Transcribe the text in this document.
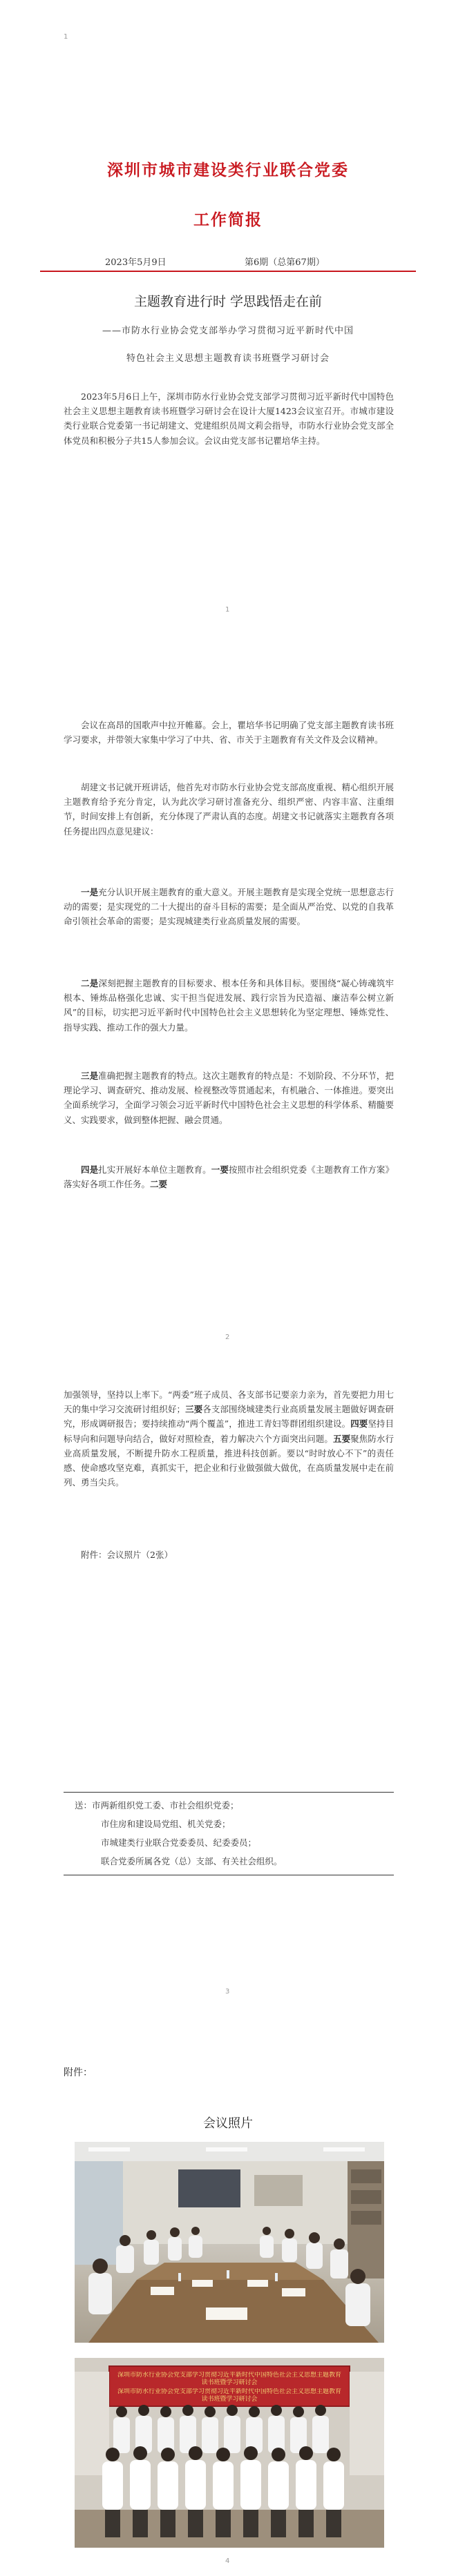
1
1
2
3
4
深圳市城市建设类行业联合党委
工作简报
2023年5月9日	第6期（总第67期）
主题教育进行时 学思践悟走在前
——市防水行业协会党支部举办学习贯彻习近平新时代中国
特色社会主义思想主题教育读书班暨学习研讨会

2023年5月6日上午，深圳市防水行业协会党支部学习贯彻习近平新时代中国特色社会主义思想主题教育读书班暨学习研讨会在设计大厦1423会议室召开。市城市建设类行业联合党委第一书记胡建文、党建组织员周文莉会指导，市防水行业协会党支部全体党员和积极分子共15人参加会议。会议由党支部书记瞿培华主持。

会议在高昂的国歌声中拉开帷幕。会上，瞿培华书记明确了党支部主题教育读书班学习要求，并带领大家集中学习了中共、省、市关于主题教育有关文件及会议精神。

胡建文书记就开班讲话，他首先对市防水行业协会党支部高度重视、精心组织开展主题教育给予充分肯定，认为此次学习研讨准备充分、组织严密、内容丰富、注重细节，时间安排上有创新，充分体现了严肃认真的态度。胡建文书记就落实主题教育各项任务提出四点意见建议：

一是充分认识开展主题教育的重大意义。开展主题教育是实现全党统一思想意志行动的需要；是实现党的二十大提出的奋斗目标的需要；是全面从严治党、以党的自我革命引领社会革命的需要；是实现城建类行业高质量发展的需要。

二是深刻把握主题教育的目标要求、根本任务和具体目标。要围绕“凝心铸魂筑牢根本、锤炼品格强化忠诚、实干担当促进发展、践行宗旨为民造福、廉洁奉公树立新风”的目标，切实把习近平新时代中国特色社会主义思想转化为坚定理想、锤炼党性、指导实践、推动工作的强大力量。

三是准确把握主题教育的特点。这次主题教育的特点是：不划阶段、不分环节，把理论学习、调查研究、推动发展、检视整改等贯通起来，有机融合、一体推进。要突出全面系统学习，全面学习领会习近平新时代中国特色社会主义思想的科学体系、精髓要义、实践要求，做到整体把握、融会贯通。

四是扎实开展好本单位主题教育。一要按照市社会组织党委《主题教育工作方案》落实好各项工作任务。二要

加强领导，坚持以上率下。“两委”班子成员、各支部书记要亲力亲为，首先要把力用七天的集中学习交流研讨组织好；三要各支部围绕城建类行业高质量发展主题做好调查研究，形成调研报告；要持续推动“两个覆盖”，推进工青妇等群团组织建设。四要坚持目标导向和问题导向结合，做好对照检查，着力解决六个方面突出问题。五要聚焦防水行业高质量发展，不断提升防水工程质量，推进科技创新。要以“时时放心不下”的责任感、使命感攻坚克难，真抓实干，把企业和行业做强做大做优，在高质量发展中走在前列、勇当尖兵。

附件：会议照片（2张）

送：市两新组织党工委、市社会组织党委；
市住房和建设局党组、机关党委；
市城建类行业联合党委委员、纪委委员；
联合党委所属各党（总）支部、有关社会组织。
附件：
会议照片
深圳市防水行业协会党支部学习贯彻习近平新时代中国特色社会主义思想主题教育读书班暨学习研讨会
深圳市防水行业协会党支部学习贯彻习近平新时代中国特色社会主义思想主题教育读书班暨学习研讨会
